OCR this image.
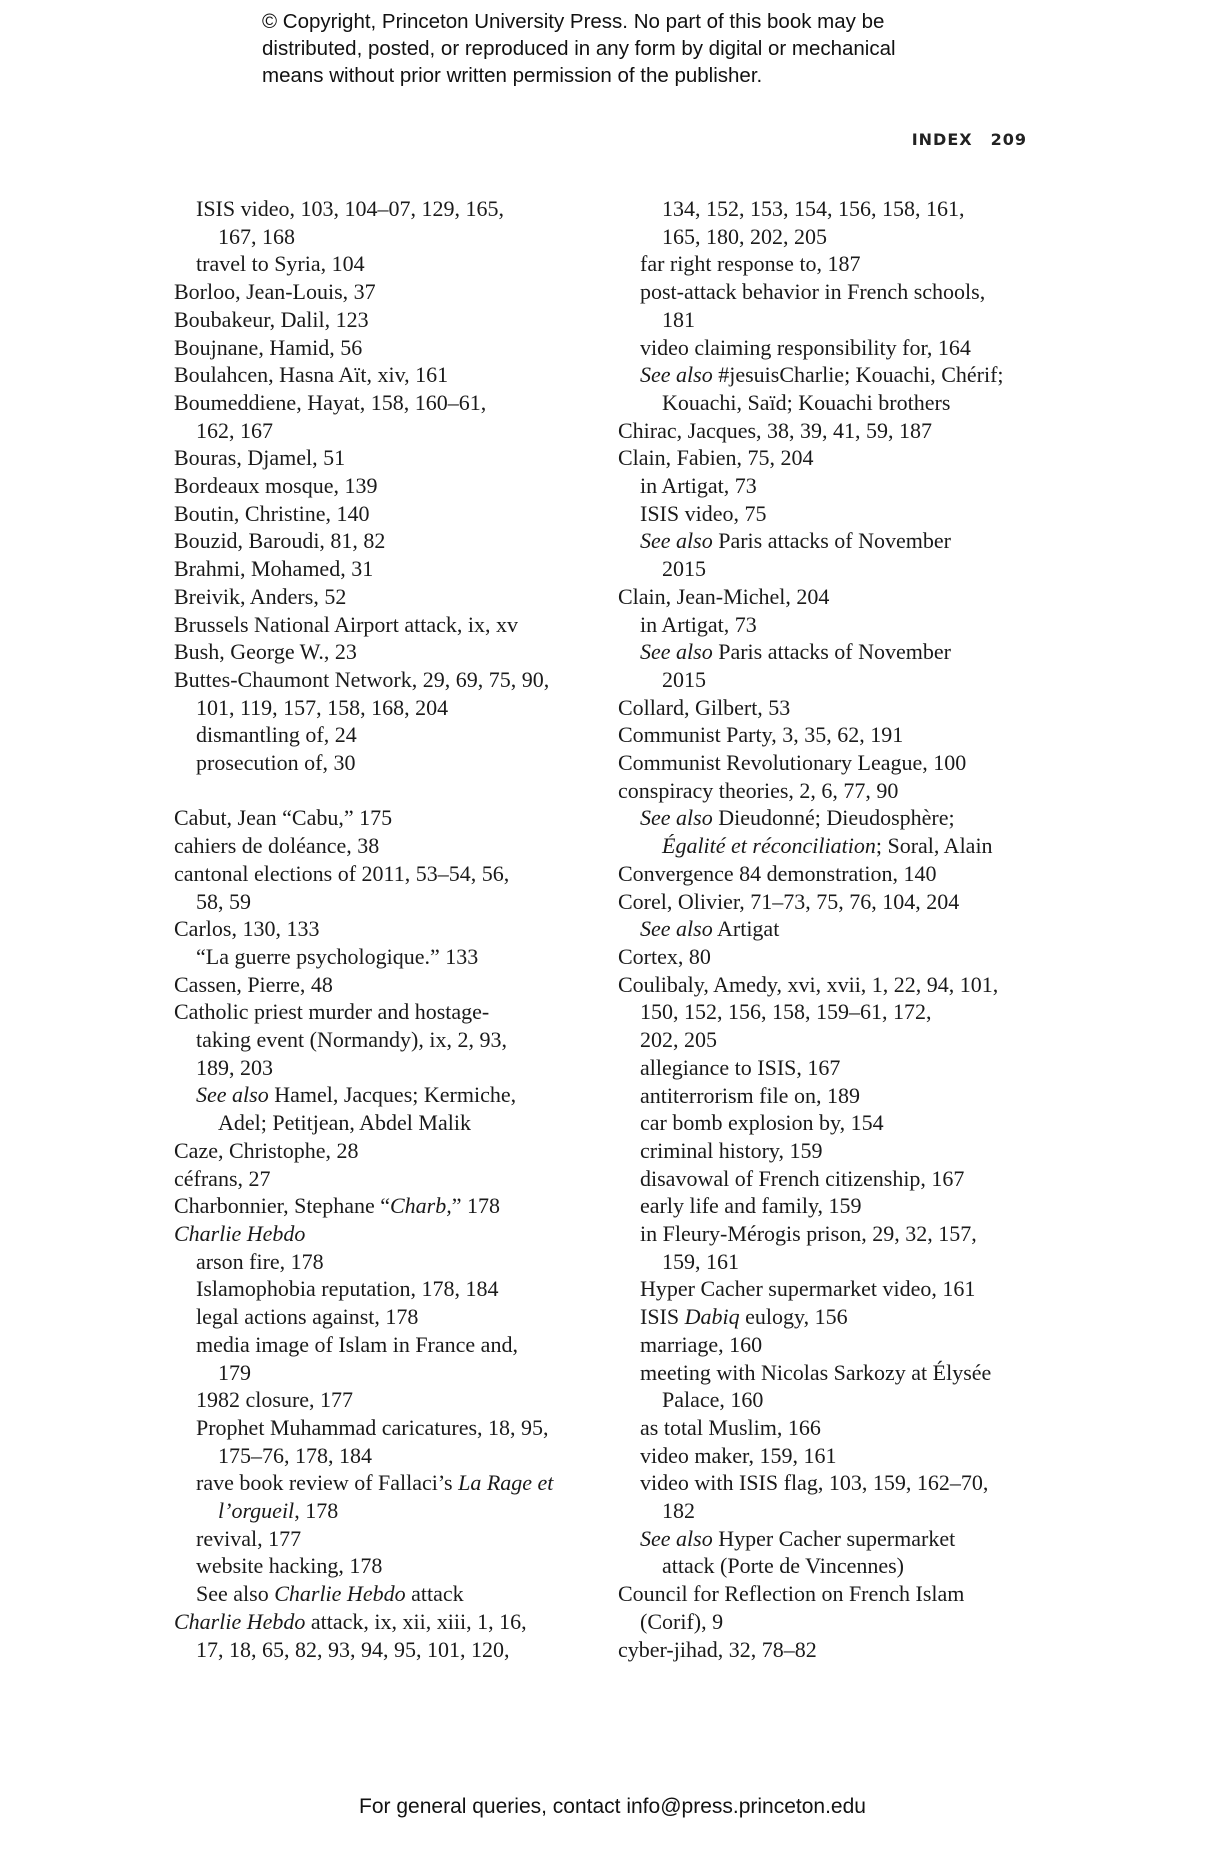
© Copyright, Princeton University Press. No part of this book may be
distributed, posted, or reproduced in any form by digital or mechanical
means without prior written permission of the publisher.
INDEX 209
ISIS video, 103, 104–07, 129, 165,
167, 168
travel to Syria, 104
Borloo, Jean-Louis, 37
Boubakeur, Dalil, 123
Boujnane, Hamid, 56
Boulahcen, Hasna Aït, xiv, 161
Boumeddiene, Hayat, 158, 160–61,
162, 167
Bouras, Djamel, 51
Bordeaux mosque, 139
Boutin, Christine, 140
Bouzid, Baroudi, 81, 82
Brahmi, Mohamed, 31
Breivik, Anders, 52
Brussels National Airport attack, ix, xv
Bush, George W., 23
Buttes-Chaumont Network, 29, 69, 75, 90,
101, 119, 157, 158, 168, 204
dismantling of, 24
prosecution of, 30
Cabut, Jean “Cabu,” 175
cahiers de doléance, 38
cantonal elections of 2011, 53–54, 56,
58, 59
Carlos, 130, 133
“La guerre psychologique.” 133
Cassen, Pierre, 48
Catholic priest murder and hostage-
taking event (Normandy), ix, 2, 93,
189, 203
See also Hamel, Jacques; Kermiche,
Adel; Petitjean, Abdel Malik
Caze, Christophe, 28
céfrans, 27
Charbonnier, Stephane “Charb,” 178
Charlie Hebdo
arson fire, 178
Islamophobia reputation, 178, 184
legal actions against, 178
media image of Islam in France and,
179
1982 closure, 177
Prophet Muhammad caricatures, 18, 95,
175–76, 178, 184
rave book review of Fallaci’s La Rage et
l’orgueil, 178
revival, 177
website hacking, 178
See also Charlie Hebdo attack
Charlie Hebdo attack, ix, xii, xiii, 1, 16,
17, 18, 65, 82, 93, 94, 95, 101, 120,
134, 152, 153, 154, 156, 158, 161,
165, 180, 202, 205
far right response to, 187
post-attack behavior in French schools,
181
video claiming responsibility for, 164
See also #jesuisCharlie; Kouachi, Chérif;
Kouachi, Saïd; Kouachi brothers
Chirac, Jacques, 38, 39, 41, 59, 187
Clain, Fabien, 75, 204
in Artigat, 73
ISIS video, 75
See also Paris attacks of November
2015
Clain, Jean-Michel, 204
in Artigat, 73
See also Paris attacks of November
2015
Collard, Gilbert, 53
Communist Party, 3, 35, 62, 191
Communist Revolutionary League, 100
conspiracy theories, 2, 6, 77, 90
See also Dieudonné; Dieudosphère;
Égalité et réconciliation; Soral, Alain
Convergence 84 demonstration, 140
Corel, Olivier, 71–73, 75, 76, 104, 204
See also Artigat
Cortex, 80
Coulibaly, Amedy, xvi, xvii, 1, 22, 94, 101,
150, 152, 156, 158, 159–61, 172,
202, 205
allegiance to ISIS, 167
antiterrorism file on, 189
car bomb explosion by, 154
criminal history, 159
disavowal of French citizenship, 167
early life and family, 159
in Fleury-Mérogis prison, 29, 32, 157,
159, 161
Hyper Cacher supermarket video, 161
ISIS Dabiq eulogy, 156
marriage, 160
meeting with Nicolas Sarkozy at Élysée
Palace, 160
as total Muslim, 166
video maker, 159, 161
video with ISIS flag, 103, 159, 162–70,
182
See also Hyper Cacher supermarket
attack (Porte de Vincennes)
Council for Reflection on French Islam
(Corif), 9
cyber-jihad, 32, 78–82
For general queries, contact info@press.princeton.edu
